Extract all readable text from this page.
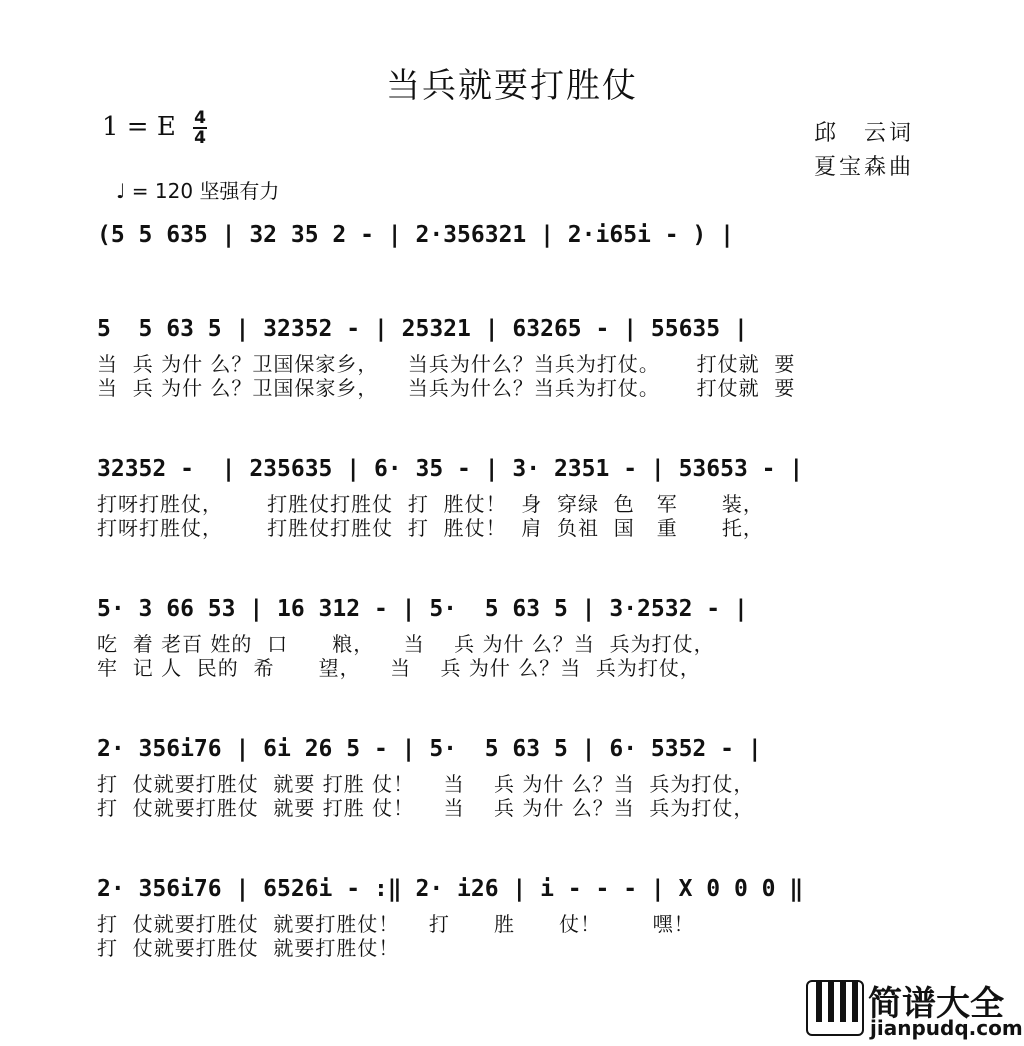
当兵就要打胜仗
1 = E 4
4
♩ = 120 坚强有力
邱　云词
夏宝森曲
(5 5 635 | 32 35 2 - | 2·356321 | 2·i65i - ) |
5  5 63 5 | 32352 - | 25321 | 63265 - | 55635 |
当  兵 为什 么？卫国保家乡，    当兵为什么？当兵为打仗。     打仗就  要
当  兵 为什 么？卫国保家乡，    当兵为什么？当兵为打仗。     打仗就  要
32352 -  | 235635 | 6· 35 - | 3· 2351 - | 53653 - |
打呀打胜仗，      打胜仗打胜仗  打  胜仗！  身  穿绿  色   军      装，
打呀打胜仗，      打胜仗打胜仗  打  胜仗！  肩  负祖  国   重      托，
5· 3 66 53 | 16 312 - | 5·  5 63 5 | 3·2532 - |
吃  着 老百 姓的  口      粮，    当    兵 为什 么？当  兵为打仗，
牢  记 人  民的  希      望，    当    兵 为什 么？当  兵为打仗，
2· 356i76 | 6i 26 5 - | 5·  5 63 5 | 6· 5352 - |
打  仗就要打胜仗  就要 打胜 仗！    当    兵 为什 么？当  兵为打仗，
打  仗就要打胜仗  就要 打胜 仗！    当    兵 为什 么？当  兵为打仗，
2· 356i76 | 6526i - :‖ 2· i26 | i - - - | X 0 0 0 ‖
打  仗就要打胜仗  就要打胜仗！    打      胜      仗！       嘿！
打  仗就要打胜仗  就要打胜仗！
简谱大全
jianpudq.com
